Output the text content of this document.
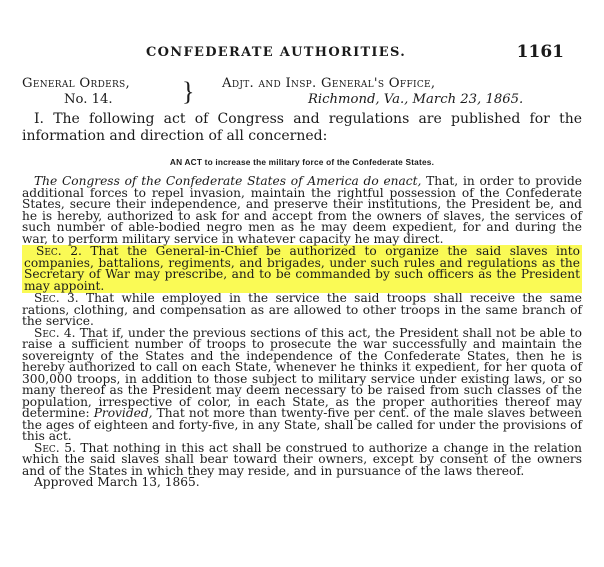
CONFEDERATE AUTHORITIES.	1161
General Orders,
No. 14.	}	Adjt. and Insp. General's Office,
Richmond, Va., March 23, 1865.
I. The following act of Congress and regulations are published for the information and direction of all concerned:
AN ACT to increase the military force of the Confederate States.

The Congress of the Confederate States of America do enact, That, in order to provide additional forces to repel invasion, maintain the rightful possession of the Confederate States, secure their independence, and preserve their institutions, the President be, and he is hereby, authorized to ask for and accept from the owners of slaves, the services of such number of able-bodied negro men as he may deem expedient, for and during the war, to perform military service in whatever capacity he may direct.

Sec. 2. That the General-in-Chief be authorized to organize the said slaves into companies, battalions, regiments, and brigades, under such rules and regulations as the Secretary of War may prescribe, and to be commanded by such officers as the President may appoint.

Sec. 3. That while employed in the service the said troops shall receive the same rations, clothing, and compensation as are allowed to other troops in the same branch of the service.

Sec. 4. That if, under the previous sections of this act, the President shall not be able to raise a sufficient number of troops to prosecute the war successfully and maintain the sovereignty of the States and the independence of the Confederate States, then he is hereby authorized to call on each State, whenever he thinks it expedient, for her quota of 300,000 troops, in addition to those subject to military service under existing laws, or so many thereof as the President may deem necessary to be raised from such classes of the population, irrespective of color, in each State, as the proper authorities thereof may determine: Provided, That not more than twenty-five per cent. of the male slaves between the ages of eighteen and forty-five, in any State, shall be called for under the provisions of this act.

Sec. 5. That nothing in this act shall be construed to authorize a change in the relation which the said slaves shall bear toward their owners, except by consent of the owners and of the States in which they may reside, and in pursuance of the laws thereof.

Approved March 13, 1865.
